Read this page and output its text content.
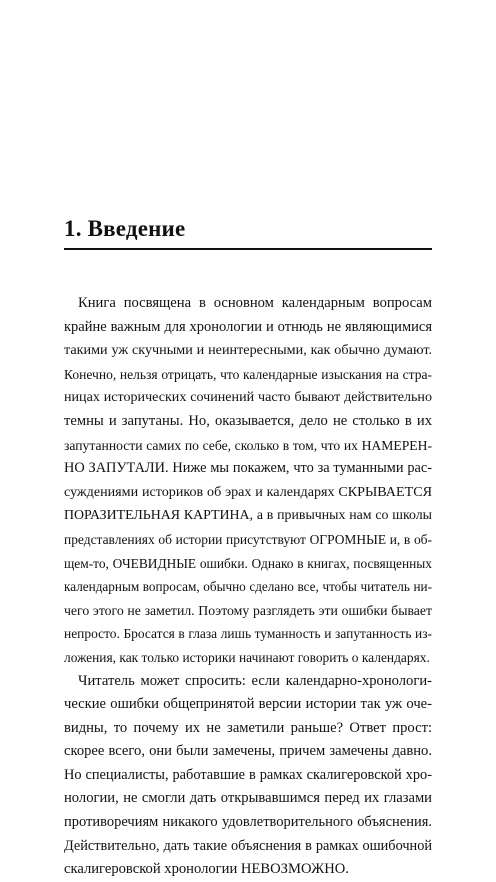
1. Введение

Книга посвящена в основном календарным вопросам
крайне важным для хронологии и отнюдь не являющимися
такими уж скучными и неинтересными, как обычно думают.
Конечно, нельзя отрицать, что календарные изыскания на стра-
ницах исторических сочинений часто бывают действительно
темны и запутаны. Но, оказывается, дело не столько в их
запутанности самих по себе, сколько в том, что их НАМЕРЕН-
НО ЗАПУТАЛИ. Ниже мы покажем, что за туманными рас-
суждениями историков об эрах и календарях СКРЫВАЕТСЯ
ПОРАЗИТЕЛЬНАЯ КАРТИНА, а в привычных нам со школы
представлениях об истории присутствуют ОГРОМНЫЕ и, в об-
щем-то, ОЧЕВИДНЫЕ ошибки. Однако в книгах, посвященных
календарным вопросам, обычно сделано все, чтобы читатель ни-
чего этого не заметил. Поэтому разглядеть эти ошибки бывает
непросто. Бросатся в глаза лишь туманность и запутанность из-
ложения, как только историки начинают говорить о календарях.

Читатель может спросить: если календарно-хронологи-
ческие ошибки общепринятой версии истории так уж оче-
видны, то почему их не заметили раньше? Ответ прост:
скорее всего, они были замечены, причем замечены давно.
Но специалисты, работавшие в рамках скалигеровской хро-
нологии, не смогли дать открывавшимся перед их глазами
противоречиям никакого удовлетворительного объяснения.
Действительно, дать такие объяснения в рамках ошибочной
скалигеровской хронологии НЕВОЗМОЖНО.
